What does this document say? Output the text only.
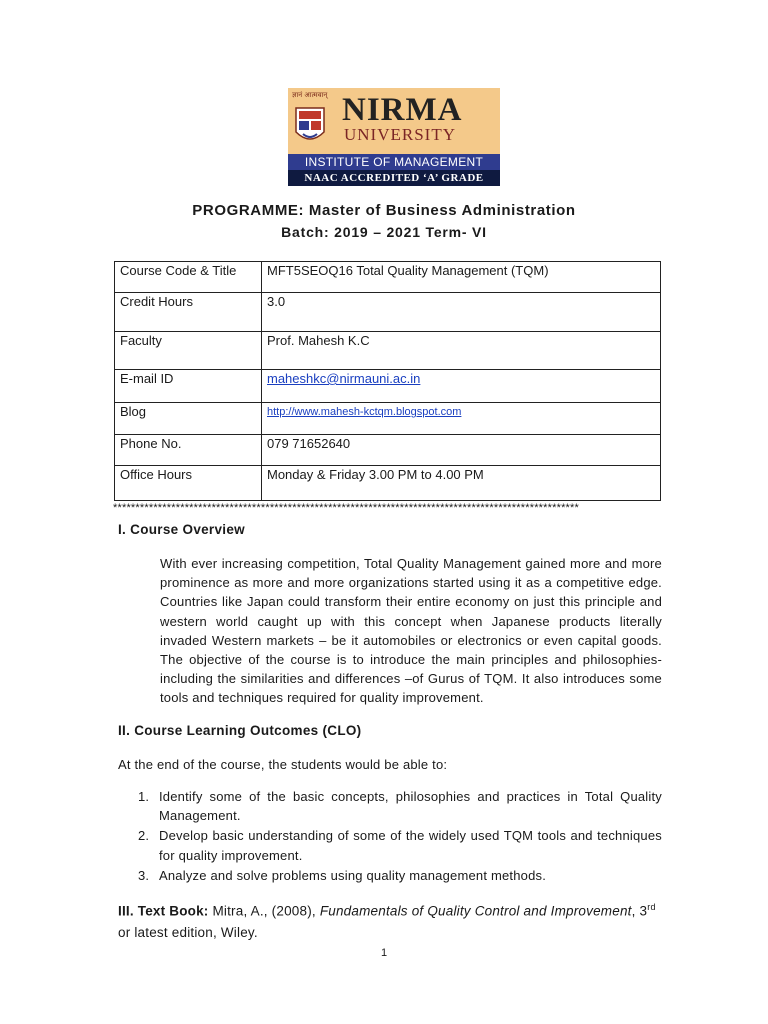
ज्ञानं आत्मवान् NIRMA
UNIVERSITY
INSTITUTE OF MANAGEMENT
NAAC ACCREDITED ‘A’ GRADE
PROGRAMME: Master of Business Administration
Batch: 2019 – 2021 Term- VI
Course Code & Title	MFT5SEOQ16 Total Quality Management (TQM)
Credit Hours	3.0
Faculty	Prof. Mahesh K.C
E-mail ID	maheshkc@nirmauni.ac.in
Blog	http://www.mahesh-kctqm.blogspot.com
Phone No.	079 71652640
Office Hours	Monday & Friday 3.00 PM to 4.00 PM
********************************************************************************************************
I. Course Overview
With ever increasing competition, Total Quality Management gained more and more
prominence as more and more organizations started using it as a competitive edge.
Countries like Japan could transform their entire economy on just this principle and
western world caught up with this concept when Japanese products literally
invaded Western markets – be it automobiles or electronics or even capital goods.
The objective of the course is to introduce the main principles and philosophies-
including the similarities and differences –of Gurus of TQM. It also introduces some
tools and techniques required for quality improvement.
II. Course Learning Outcomes (CLO)
At the end of the course, the students would be able to:
1. Identify some of the basic concepts, philosophies and practices in Total Quality
Management.
2. Develop basic understanding of some of the widely used TQM tools and techniques
for quality improvement.
3. Analyze and solve problems using quality management methods.
III. Text Book: Mitra, A., (2008), Fundamentals of Quality Control and Improvement, 3rd or latest edition, Wiley.
1
